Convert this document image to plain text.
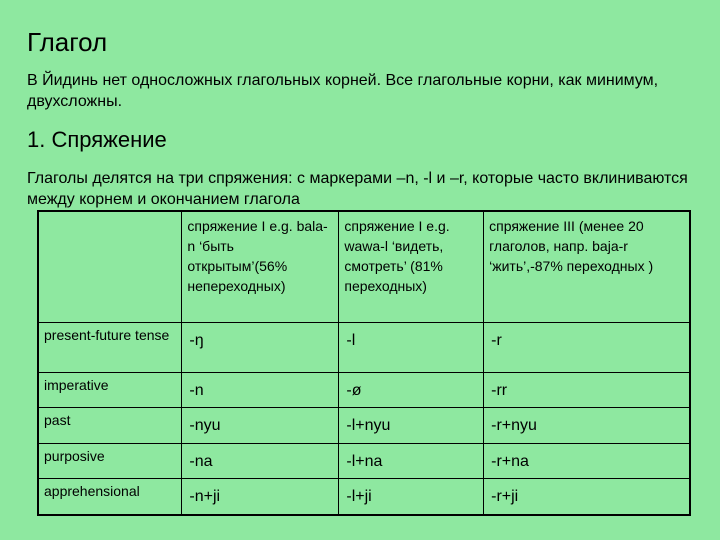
Глагол

В Йидинь нет односложных глагольных корней. Все глагольные корни, как минимум, двухсложны.

1. Спряжение

Глаголы делятся на три спряжения: с маркерами –n, -l и –r, которые часто вклиниваются между корнем и окончанием глагола

	спряжение I e.g. bala-n ‘быть открытым’(56% непереходных)	спряжение I e.g. wawa-l ‘видеть, смотреть’ (81% переходных)	спряжение III (менее 20 глаголов, напр. baja-r ‘жить’,-87% переходных )
present-future tense	-ŋ	-l	-r
imperative	-n	-ø	-rr
past	-nyu	-l+nyu	-r+nyu
purposive	-na	-l+na	-r+na
apprehensional	-n+ji	-l+ji	-r+ji
